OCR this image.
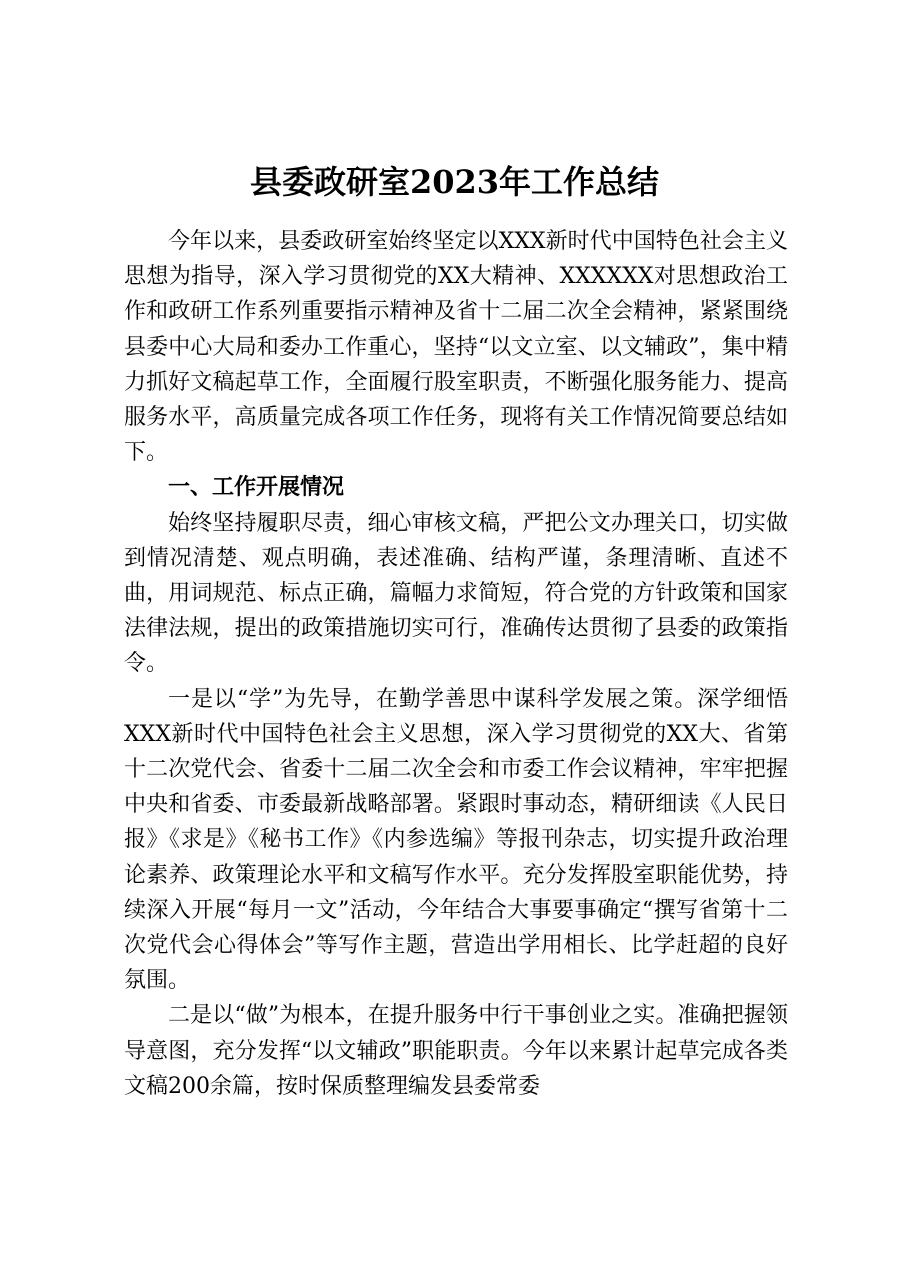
县委政研室2023年工作总结

今年以来，县委政研室始终坚定以XXX新时代中国特色社会主义思想为指导，深入学习贯彻党的XX大精神、XXXXXX对思想政治工作和政研工作系列重要指示精神及省十二届二次全会精神，紧紧围绕县委中心大局和委办工作重心，坚持“以文立室、以文辅政”，集中精力抓好文稿起草工作，全面履行股室职责，不断强化服务能力、提高服务水平，高质量完成各项工作任务，现将有关工作情况简要总结如下。

一、工作开展情况

始终坚持履职尽责，细心审核文稿，严把公文办理关口，切实做到情况清楚、观点明确，表述准确、结构严谨，条理清晰、直述不曲，用词规范、标点正确，篇幅力求简短，符合党的方针政策和国家法律法规，提出的政策措施切实可行，准确传达贯彻了县委的政策指令。

一是以“学”为先导，在勤学善思中谋科学发展之策。深学细悟XXX新时代中国特色社会主义思想，深入学习贯彻党的XX大、省第十二次党代会、省委十二届二次全会和市委工作会议精神，牢牢把握中央和省委、市委最新战略部署。紧跟时事动态，精研细读《人民日报》《求是》《秘书工作》《内参选编》等报刊杂志，切实提升政治理论素养、政策理论水平和文稿写作水平。充分发挥股室职能优势，持续深入开展“每月一文”活动，今年结合大事要事确定“撰写省第十二次党代会心得体会”等写作主题，营造出学用相长、比学赶超的良好氛围。

二是以“做”为根本，在提升服务中行干事创业之实。准确把握领导意图，充分发挥“以文辅政”职能职责。今年以来累计起草完成各类文稿200余篇，按时保质整理编发县委常委
